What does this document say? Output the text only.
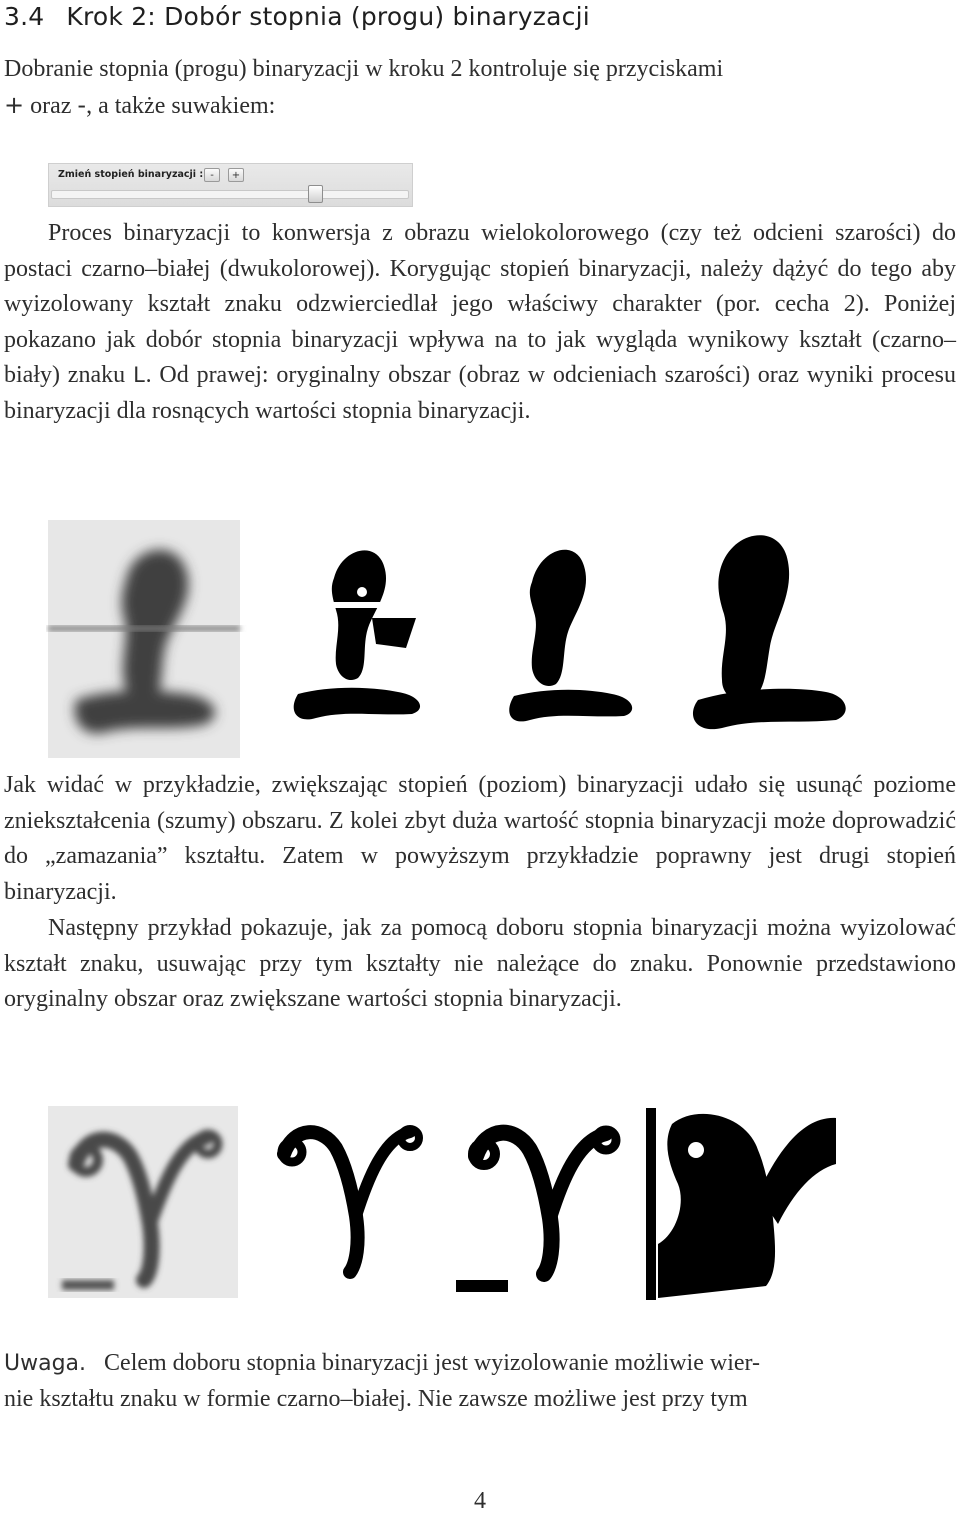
3.4 Krok 2: Dobór stopnia (progu) binaryzacji
Dobranie stopnia (progu) binaryzacji w kroku 2 kontroluje się przyciskami
+ oraz -, a także suwakiem:
Zmień stopień binaryzacji : -	+
Proces binaryzacji to konwersja z obrazu wielokolorowego (czy też odcieni szarości) do postaci czarno–białej (dwukolorowej). Korygując stopień binaryzacji, należy dążyć do tego aby wyizolowany kształt znaku odzwierciedlał jego właściwy charakter (por. cecha 2). Poniżej pokazano jak dobór stopnia binaryzacji wpływa na to jak wygląda wynikowy kształt (czarno–biały) znaku L. Od prawej: oryginalny obszar (obraz w odcieniach szarości) oraz wyniki procesu binaryzacji dla rosnących wartości stopnia binaryzacji.
Jak widać w przykładzie, zwiększając stopień (poziom) binaryzacji udało się usunąć poziome zniekształcenia (szumy) obszaru. Z kolei zbyt duża wartość stopnia binaryzacji może doprowadzić do „zamazania” kształtu. Zatem w powyższym przykładzie poprawny jest drugi stopień binaryzacji.
Następny przykład pokazuje, jak za pomocą doboru stopnia binaryzacji można wyizolować kształt znaku, usuwając przy tym kształty nie należące do znaku. Ponownie przedstawiono oryginalny obszar oraz zwiększane wartości stopnia binaryzacji.
Uwaga. Celem doboru stopnia binaryzacji jest wyizolowanie możliwie wier-
nie kształtu znaku w formie czarno–białej. Nie zawsze możliwe jest przy tym
4
